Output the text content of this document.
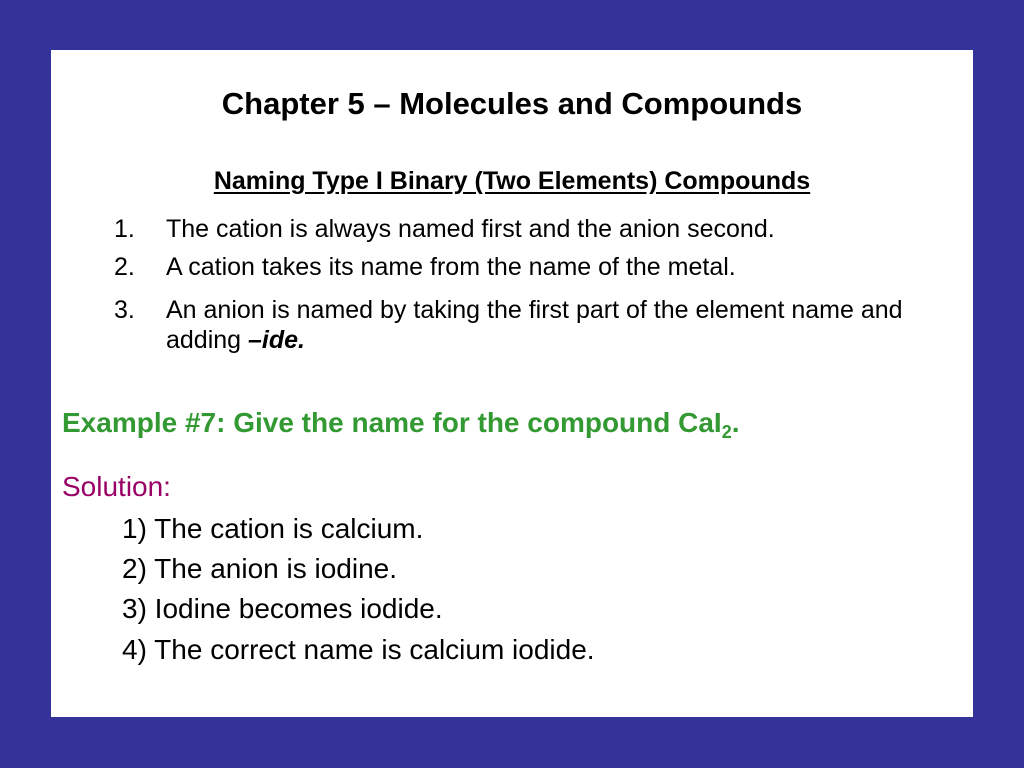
Chapter 5 – Molecules and Compounds
Naming Type I Binary (Two Elements) Compounds
1. The cation is always named first and the anion second.
2. A cation takes its name from the name of the metal.
3. An anion is named by taking the first part of the element name and adding –ide.
Example #7: Give the name for the compound CaI$_2$.
Solution:
1) The cation is calcium.
2) The anion is iodine.
3) Iodine becomes iodide.
4) The correct name is calcium iodide.
